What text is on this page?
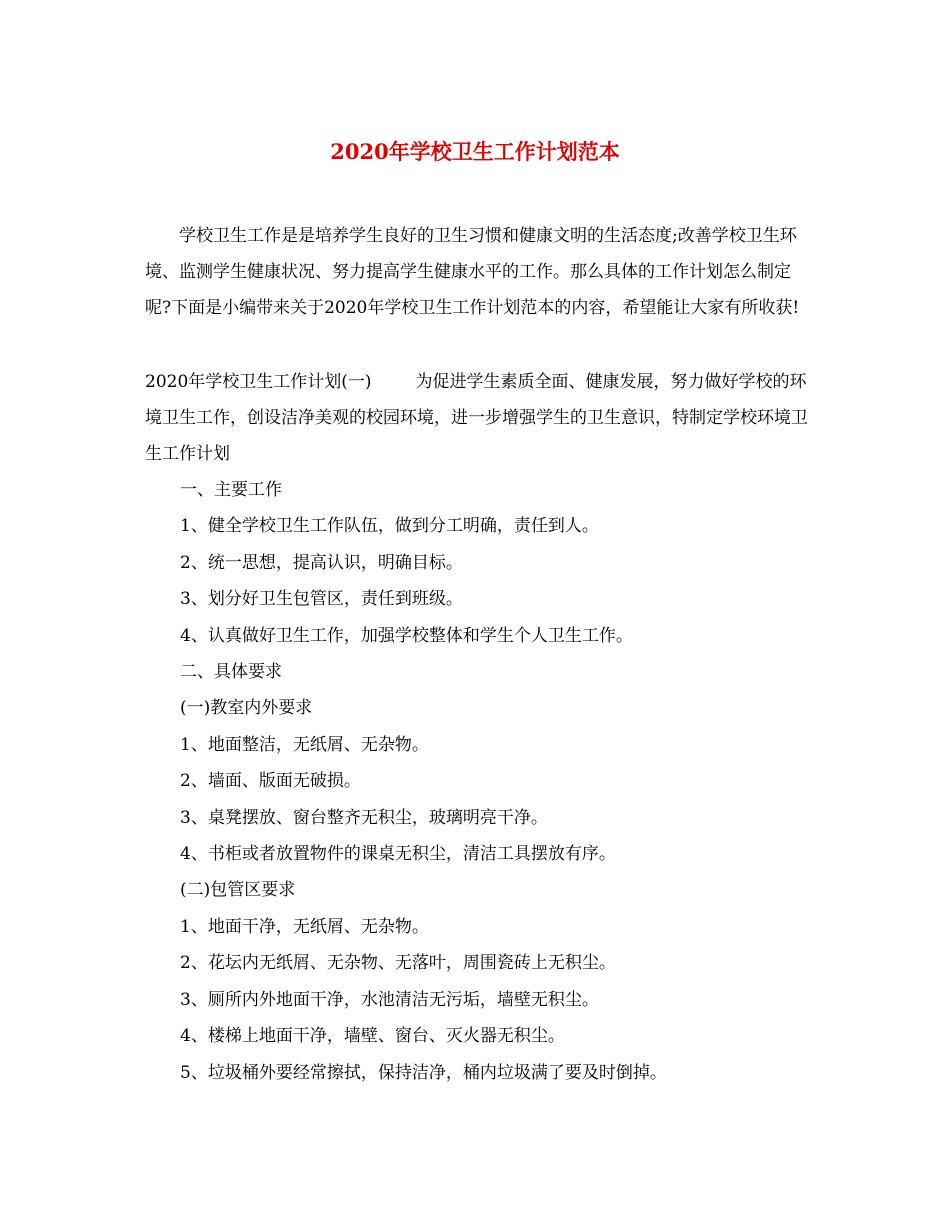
2020年学校卫生工作计划范本

学校卫生工作是是培养学生良好的卫生习惯和健康文明的生活态度;改善学校卫生环境、监测学生健康状况、努力提高学生健康水平的工作。那么具体的工作计划怎么制定呢?下面是小编带来关于2020年学校卫生工作计划范本的内容，希望能让大家有所收获!

2020年学校卫生工作计划(一)	为促进学生素质全面、健康发展，努力做好学校的环境卫生工作，创设洁净美观的校园环境，进一步增强学生的卫生意识，特制定学校环境卫生工作计划

一、主要工作
1、健全学校卫生工作队伍，做到分工明确，责任到人。
2、统一思想，提高认识，明确目标。
3、划分好卫生包管区，责任到班级。
4、认真做好卫生工作，加强学校整体和学生个人卫生工作。
二、具体要求
(一)教室内外要求
1、地面整洁，无纸屑、无杂物。
2、墙面、版面无破损。
3、桌凳摆放、窗台整齐无积尘，玻璃明亮干净。
4、书柜或者放置物件的课桌无积尘，清洁工具摆放有序。
(二)包管区要求
1、地面干净，无纸屑、无杂物。
2、花坛内无纸屑、无杂物、无落叶，周围瓷砖上无积尘。
3、厕所内外地面干净，水池清洁无污垢，墙壁无积尘。
4、楼梯上地面干净，墙壁、窗台、灭火器无积尘。
5、垃圾桶外要经常擦拭，保持洁净，桶内垃圾满了要及时倒掉。
